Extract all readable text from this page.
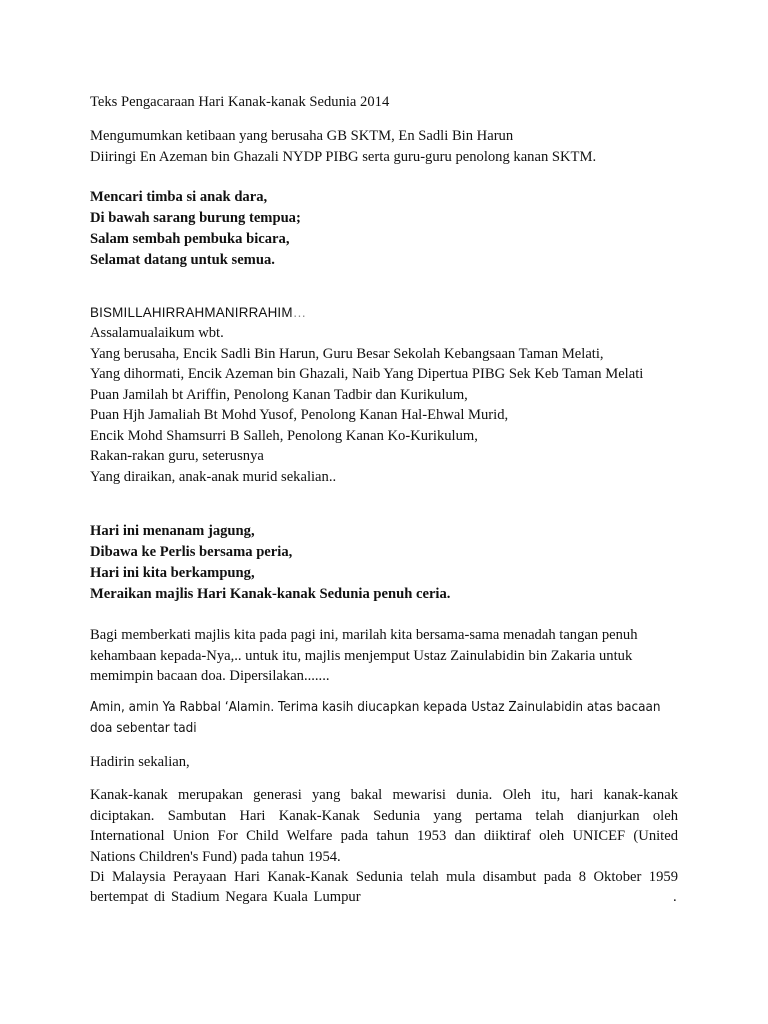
Teks Pengacaraan Hari Kanak-kanak Sedunia 2014

Mengumumkan ketibaan yang berusaha GB SKTM, En Sadli Bin Harun

Diiringi En Azeman bin Ghazali NYDP PIBG serta guru-guru penolong kanan SKTM.

Mencari timba si anak dara,

Di bawah sarang burung tempua;

Salam sembah pembuka bicara,

Selamat datang untuk semua.

BISMILLAHIRRAHMANIRRAHIM…

Assalamualaikum wbt.

Yang berusaha, Encik Sadli Bin Harun, Guru Besar Sekolah Kebangsaan Taman Melati,

Yang dihormati, Encik Azeman bin Ghazali, Naib Yang Dipertua PIBG Sek Keb Taman Melati

Puan Jamilah bt Ariffin, Penolong Kanan Tadbir dan Kurikulum,

Puan Hjh Jamaliah Bt Mohd Yusof, Penolong Kanan Hal-Ehwal Murid,

Encik Mohd Shamsurri B Salleh, Penolong Kanan Ko-Kurikulum,

Rakan-rakan guru, seterusnya

Yang diraikan, anak-anak murid sekalian..

Hari ini menanam jagung,

Dibawa ke Perlis bersama peria,

Hari ini kita berkampung,

Meraikan majlis Hari Kanak-kanak Sedunia penuh ceria.

Bagi memberkati majlis kita pada pagi ini, marilah kita bersama-sama menadah tangan penuh

kehambaan kepada-Nya,.. untuk itu, majlis menjemput Ustaz Zainulabidin bin Zakaria untuk

memimpin bacaan doa. Dipersilakan.......

Amin, amin Ya Rabbal ‘Alamin. Terima kasih diucapkan kepada Ustaz Zainulabidin atas bacaan

doa sebentar tadi

Hadirin sekalian,

Kanak-kanak merupakan generasi yang bakal mewarisi dunia. Oleh itu, hari kanak-kanak

diciptakan. Sambutan Hari Kanak-Kanak Sedunia yang pertama telah dianjurkan oleh

International Union For Child Welfare pada tahun 1953 dan diiktiraf oleh UNICEF (United

Nations Children's Fund) pada tahun 1954.

Di Malaysia Perayaan Hari Kanak-Kanak Sedunia telah mula disambut pada 8 Oktober 1959

bertempat di Stadium Negara Kuala Lumpur	.
